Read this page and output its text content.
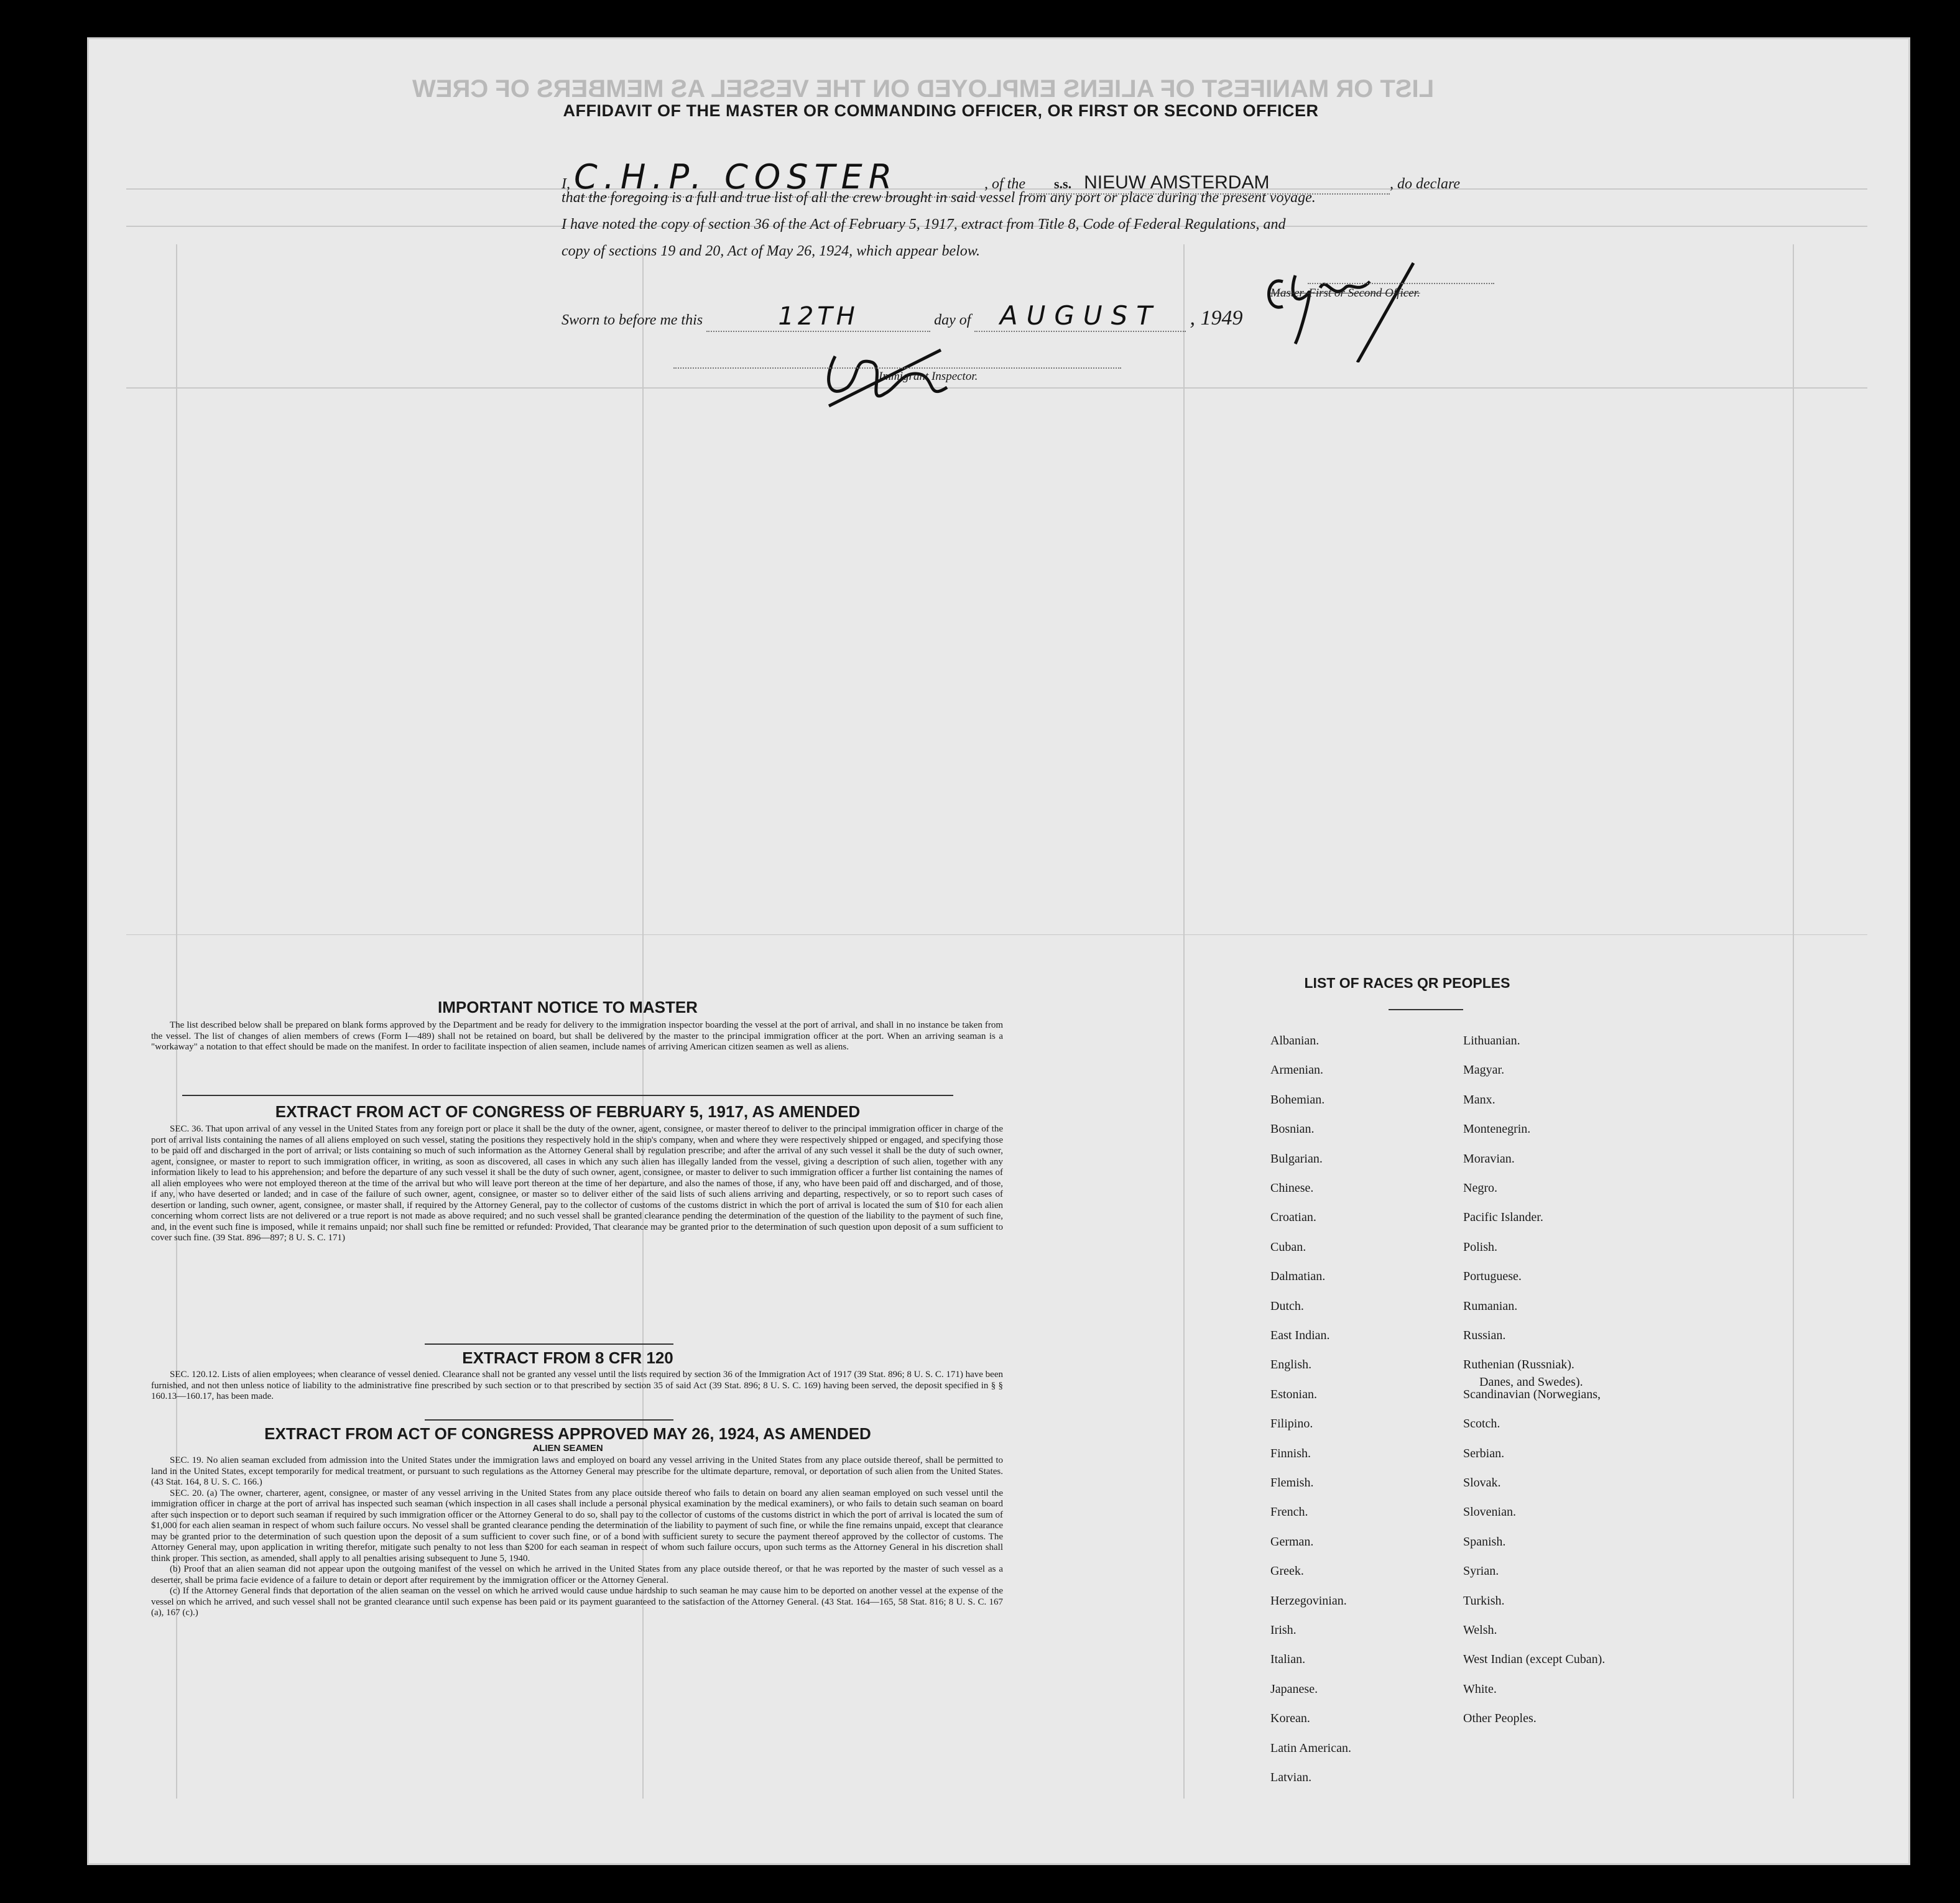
LIST OR MANIFEST OF ALIENS EMPLOYED ON THE VESSEL AS MEMBERS OF CREW
AFFIDAVIT OF THE MASTER OR COMMANDING OFFICER, OR FIRST OR SECOND OFFICER
I, C.H.P. COSTER	, of the s.s. NIEUW AMSTERDAM	, do declare
that the foregoing is a full and true list of all the crew brought in said vessel from any port or place during the present voyage.
I have noted the copy of section 36 of the Act of February 5, 1917, extract from Title 8, Code of Federal Regulations, and
copy of sections 19 and 20, Act of May 26, 1924, which appear below.
Master, First or Second Officer.
Sworn to before me this	12TH	day of AUGUST , 1949
Immigrant Inspector.
IMPORTANT NOTICE TO MASTER
The list described below shall be prepared on blank forms approved by the Department and be ready for delivery to the immigration inspector boarding the vessel at the port of arrival, and shall in no instance be taken from the vessel. The list of changes of alien members of crews (Form I—489) shall not be retained on board, but shall be delivered by the master to the principal immigration officer at the port. When an arriving seaman is a "workaway" a notation to that effect should be made on the manifest. In order to facilitate inspection of alien seamen, include names of arriving American citizen seamen as well as aliens.
EXTRACT FROM ACT OF CONGRESS OF FEBRUARY 5, 1917, AS AMENDED
SEC. 36. That upon arrival of any vessel in the United States from any foreign port or place it shall be the duty of the owner, agent, consignee, or master thereof to deliver to the principal immigration officer in charge of the port of arrival lists containing the names of all aliens employed on such vessel, stating the positions they respectively hold in the ship's company, when and where they were respectively shipped or engaged, and specifying those to be paid off and discharged in the port of arrival; or lists containing so much of such information as the Attorney General shall by regulation prescribe; and after the arrival of any such vessel it shall be the duty of such owner, agent, consignee, or master to report to such immigration officer, in writing, as soon as discovered, all cases in which any such alien has illegally landed from the vessel, giving a description of such alien, together with any information likely to lead to his apprehension; and before the departure of any such vessel it shall be the duty of such owner, agent, consignee, or master to deliver to such immigration officer a further list containing the names of all alien employees who were not employed thereon at the time of the arrival but who will leave port thereon at the time of her departure, and also the names of those, if any, who have been paid off and discharged, and of those, if any, who have deserted or landed; and in case of the failure of such owner, agent, consignee, or master so to deliver either of the said lists of such aliens arriving and departing, respectively, or so to report such cases of desertion or landing, such owner, agent, consignee, or master shall, if required by the Attorney General, pay to the collector of customs of the customs district in which the port of arrival is located the sum of $10 for each alien concerning whom correct lists are not delivered or a true report is not made as above required; and no such vessel shall be granted clearance pending the determination of the question of the liability to the payment of such fine, and, in the event such fine is imposed, while it remains unpaid; nor shall such fine be remitted or refunded: Provided, That clearance may be granted prior to the determination of such question upon deposit of a sum sufficient to cover such fine. (39 Stat. 896—897; 8 U. S. C. 171)
EXTRACT FROM 8 CFR 120
SEC. 120.12. Lists of alien employees; when clearance of vessel denied. Clearance shall not be granted any vessel until the lists required by section 36 of the Immigration Act of 1917 (39 Stat. 896; 8 U. S. C. 171) have been furnished, and not then unless notice of liability to the administrative fine prescribed by such section or to that prescribed by section 35 of said Act (39 Stat. 896; 8 U. S. C. 169) having been served, the deposit specified in § § 160.13—160.17, has been made.
EXTRACT FROM ACT OF CONGRESS APPROVED MAY 26, 1924, AS AMENDED
ALIEN SEAMEN
SEC. 19. No alien seaman excluded from admission into the United States under the immigration laws and employed on board any vessel arriving in the United States from any place outside thereof, shall be permitted to land in the United States, except temporarily for medical treatment, or pursuant to such regulations as the Attorney General may prescribe for the ultimate departure, removal, or deportation of such alien from the United States. (43 Stat. 164, 8 U. S. C. 166.)
SEC. 20. (a) The owner, charterer, agent, consignee, or master of any vessel arriving in the United States from any place outside thereof who fails to detain on board any alien seaman employed on such vessel until the immigration officer in charge at the port of arrival has inspected such seaman (which inspection in all cases shall include a personal physical examination by the medical examiners), or who fails to detain such seaman on board after such inspection or to deport such seaman if required by such immigration officer or the Attorney General to do so, shall pay to the collector of customs of the customs district in which the port of arrival is located the sum of $1,000 for each alien seaman in respect of whom such failure occurs. No vessel shall be granted clearance pending the determination of the liability to payment of such fine, or while the fine remains unpaid, except that clearance may be granted prior to the determination of such question upon the deposit of a sum sufficient to cover such fine, or of a bond with sufficient surety to secure the payment thereof approved by the collector of customs. The Attorney General may, upon application in writing therefor, mitigate such penalty to not less than $200 for each seaman in respect of whom such failure occurs, upon such terms as the Attorney General in his discretion shall think proper. This section, as amended, shall apply to all penalties arising subsequent to June 5, 1940.
(b) Proof that an alien seaman did not appear upon the outgoing manifest of the vessel on which he arrived in the United States from any place outside thereof, or that he was reported by the master of such vessel as a deserter, shall be prima facie evidence of a failure to detain or deport after requirement by the immigration officer or the Attorney General.
(c) If the Attorney General finds that deportation of the alien seaman on the vessel on which he arrived would cause undue hardship to such seaman he may cause him to be deported on another vessel at the expense of the vessel on which he arrived, and such vessel shall not be granted clearance until such expense has been paid or its payment guaranteed to the satisfaction of the Attorney General. (43 Stat. 164—165, 58 Stat. 816; 8 U. S. C. 167 (a), 167 (c).)
LIST OF RACES QR PEOPLES
Albanian.
Armenian.
Bohemian.
Bosnian.
Bulgarian.
Chinese.
Croatian.
Cuban.
Dalmatian.
Dutch.
East Indian.
English.
Estonian.
Filipino.
Finnish.
Flemish.
French.
German.
Greek.
Herzegovinian.
Irish.
Italian.
Japanese.
Korean.
Latin American.
Latvian.
Lithuanian.
Magyar.
Manx.
Montenegrin.
Moravian.
Negro.
Pacific Islander.
Polish.
Portuguese.
Rumanian.
Russian.
Ruthenian (Russniak).
Scandinavian (Norwegians,
Danes, and Swedes).
Scotch.
Serbian.
Slovak.
Slovenian.
Spanish.
Syrian.
Turkish.
Welsh.
West Indian (except Cuban).
White.
Other Peoples.
